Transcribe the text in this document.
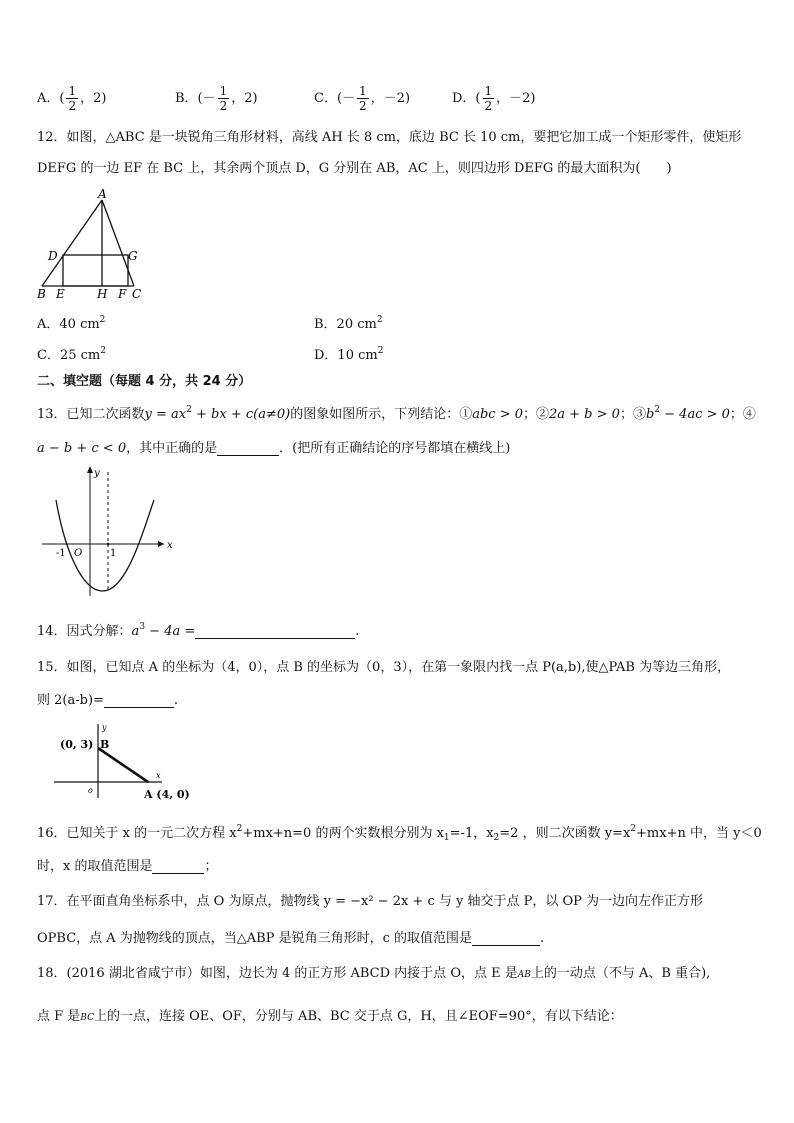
A．( $\frac{1}{2}$ ，2)	B．(－ $\frac{1}{2}$ ，2)	C．(－ $\frac{1}{2}$ ，－2)	D．( $\frac{1}{2}$ ，－2)
12．如图，△ABC 是一块锐角三角形材料，高线 AH 长 8 cm，底边 BC 长 10 cm，要把它加工成一个矩形零件，使矩形
DEFG 的一边 EF 在 BC 上，其余两个顶点 D，G 分别在 AB，AC 上，则四边形 DEFG 的最大面积为(　　)
A
D	G
B E	H F C
A．40 $cm^2$	B．20 $cm^2$
C．25 $cm^2$	D．10 $cm^2$
二、填空题（每题 4 分，共 24 分）
13．已知二次函数$y = ax^2$ + bx + c(a≠0)的图象如图所示，下列结论：①abc > 0；②2a + b > 0；$③b^2 - 4ac > 0$；④
a − b + c < 0，其中正确的是	．(把所有正确结论的序号都填在横线上)
x
y
-1 O	1
14．因式分解：$a^3 - 4a$ =	.
15．如图，已知点 A 的坐标为（4，0），点 B 的坐标为（0，3），在第一象限内找一点 P(a,b),使△PAB 为等边三角形，
则 2(a-b)=	.
y
x
(0, 3) B
o	A (4, 0)
16．已知关于 x 的一元二次方程 $x^2+mx+n=0$ 的两个实数根分别为 $x_1=-1$，$x_2=2$ ，则二次函数 $y=x^2+mx+n$ 中，当 y＜0
时，x 的取值范围是	；
17．在平面直角坐标系中，点 O 为原点，抛物线 y = −x² − 2x + c 与 y 轴交于点 P，以 OP 为一边向左作正方形
OPBC，点 A 为抛物线的顶点，当△ABP 是锐角三角形时，c 的取值范围是	.
18．(2016 湖北省咸宁市）如图，边长为 4 的正方形 ABCD 内接于点 O，点 E 是AB上的一动点（不与 A、B 重合),
点 F 是BC上的一点，连接 OE、OF，分别与 AB、BC 交于点 G，H，且∠EOF=90°，有以下结论：
